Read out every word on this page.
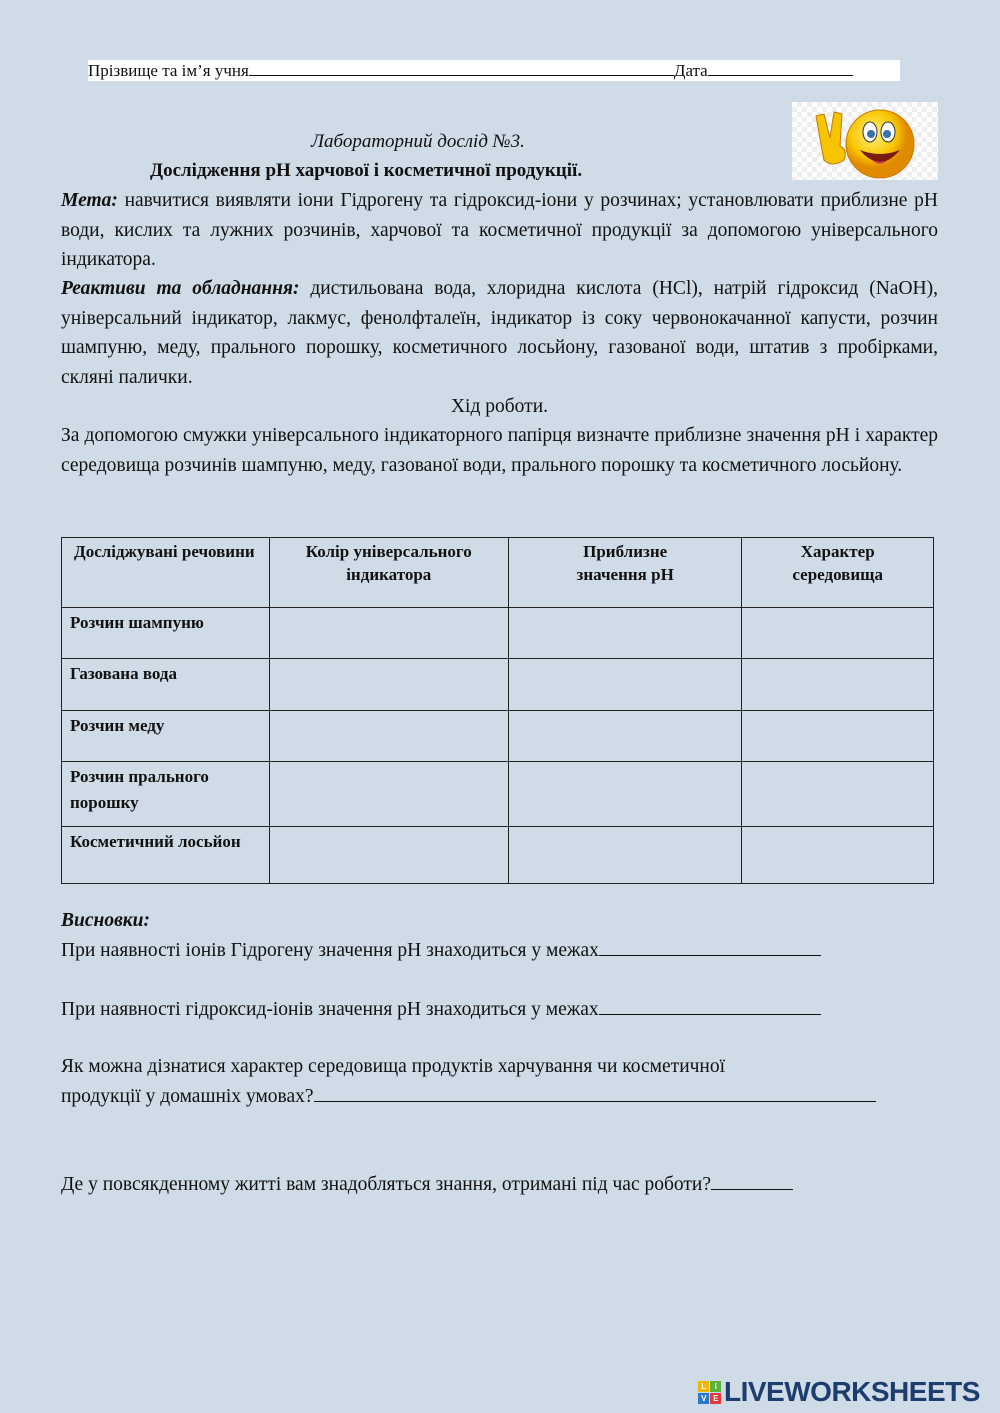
Прізвище та ім’я учня	Дата
Лабораторний дослід №3.
Дослідження pH харчової і косметичної продукції.
Мета: навчитися виявляти іони Гідрогену та гідроксид-іони у розчинах; установлювати приблизне pH води, кислих та лужних розчинів, харчової та косметичної продукції за допомогою універсального індикатора.
Реактиви та обладнання: дистильована вода, хлоридна кислота (HCl), натрій гідроксид (NaOH), універсальний індикатор, лакмус, фенолфталеїн, індикатор із соку червонокачанної капусти, розчин шампуню, меду, прального порошку, косметичного лосьйону, газованої води, штатив з пробірками, скляні палички.
Хід роботи.
За допомогою смужки універсального індикаторного папірця визначте приблизне значення pH і характер середовища розчинів шампуню, меду, газованої води, прального порошку та косметичного лосьйону.
Досліджувані речовини	Колір універсального індикатора	Приблизне значення pH	Характер середовища
Розчин шампуню			
Газована вода			
Розчин меду			
Розчин прального порошку			
Косметичний лосьйон			
Висновки:
При наявності іонів Гідрогену значення pH знаходиться у межах
При наявності гідроксид-іонів значення pH знаходиться у межах
Як можна дізнатися характер середовища продуктів харчування чи косметичної
продукції у домашніх умовах?
Де у повсякденному житті вам знадобляться знання, отримані під час роботи?
L	I
V E LIVEWORKSHEETS
